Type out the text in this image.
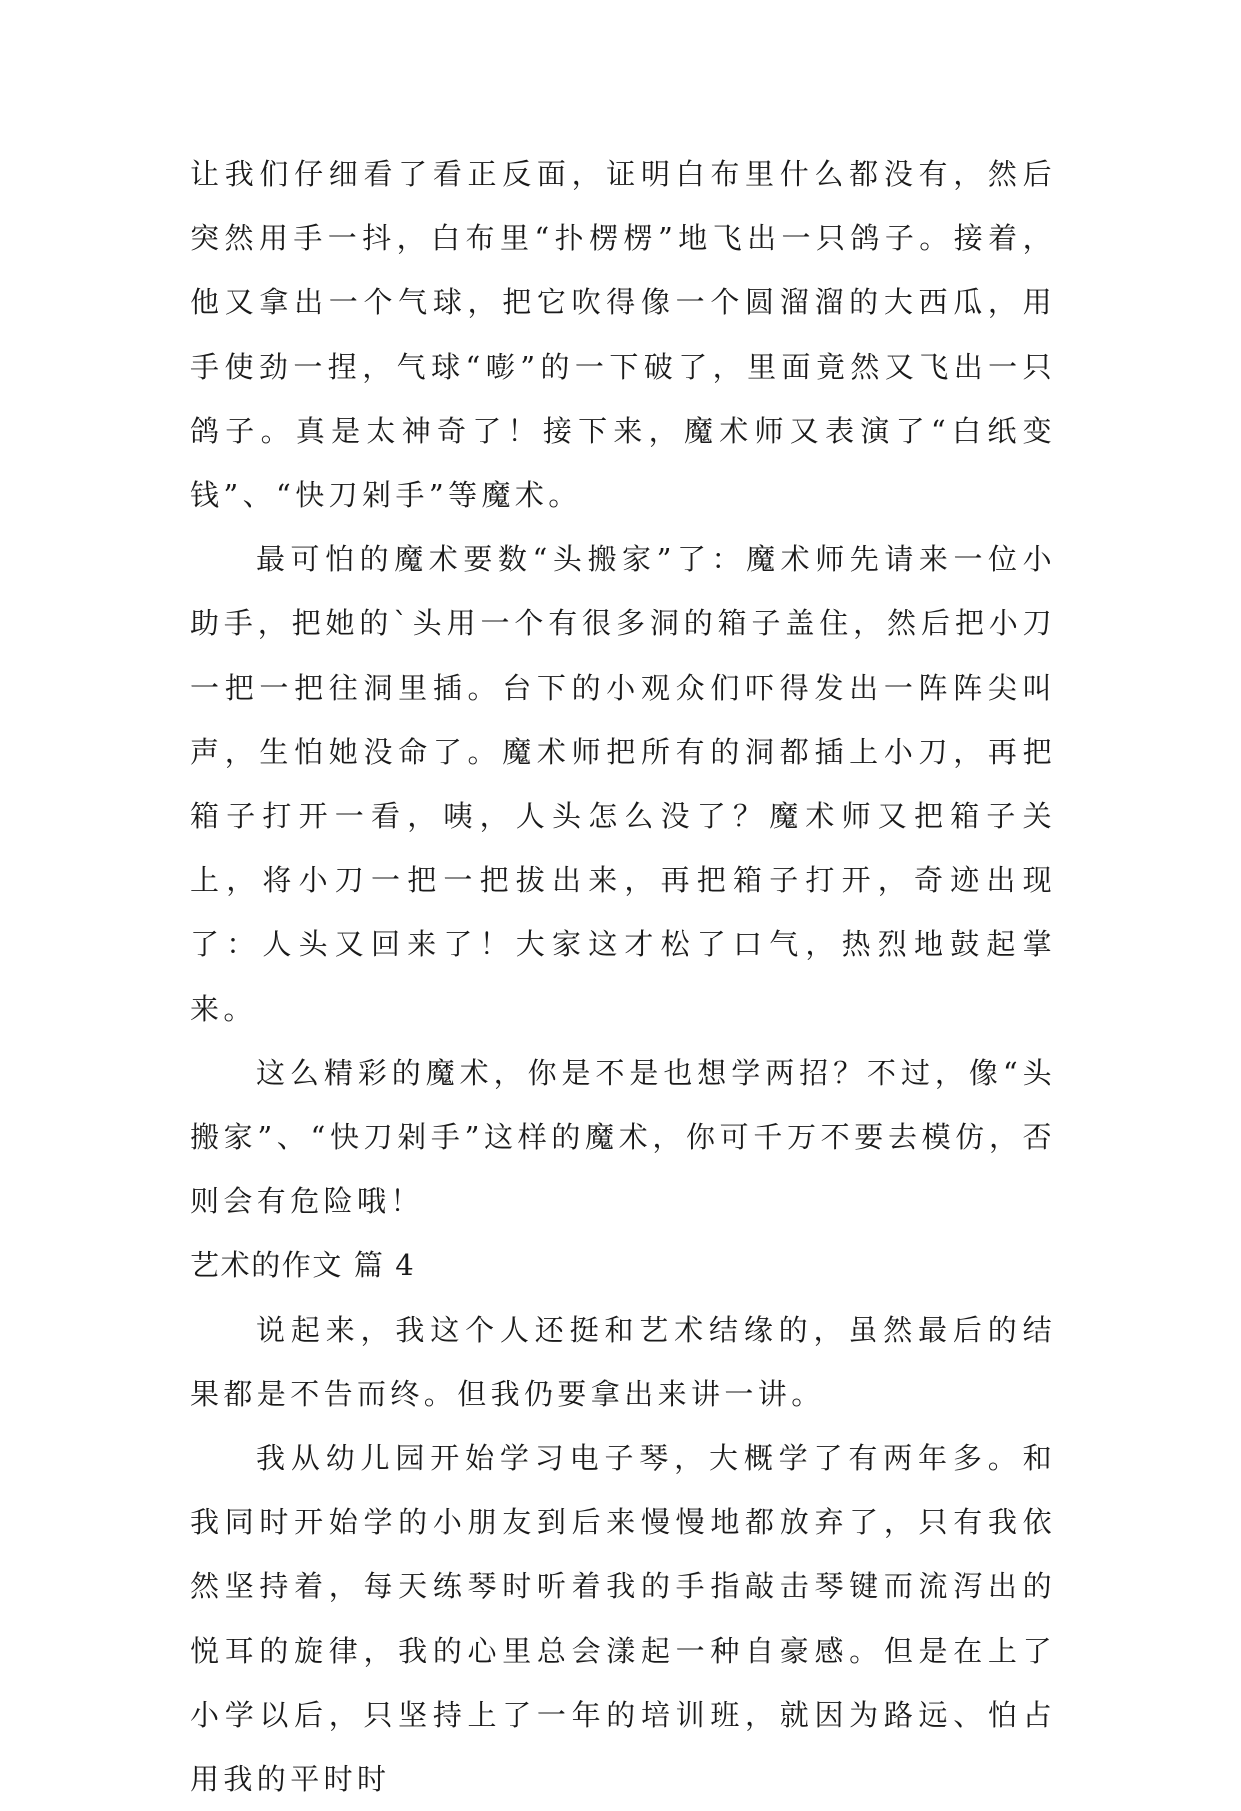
让我们仔细看了看正反面，证明白布里什么都没有，然后突然用手一抖，白布里“扑楞楞”地飞出一只鸽子。接着，他又拿出一个气球，把它吹得像一个圆溜溜的大西瓜，用手使劲一捏，气球“嘭”的一下破了，里面竟然又飞出一只鸽子。真是太神奇了！接下来，魔术师又表演了“白纸变钱”、“快刀剁手”等魔术。

最可怕的魔术要数“头搬家”了：魔术师先请来一位小助手，把她的`头用一个有很多洞的箱子盖住，然后把小刀一把一把往洞里插。台下的小观众们吓得发出一阵阵尖叫声，生怕她没命了。魔术师把所有的洞都插上小刀，再把箱子打开一看，咦，人头怎么没了？魔术师又把箱子关上，将小刀一把一把拔出来，再把箱子打开，奇迹出现了：人头又回来了！大家这才松了口气，热烈地鼓起掌来。

这么精彩的魔术，你是不是也想学两招？不过，像“头搬家”、“快刀剁手”这样的魔术，你可千万不要去模仿，否则会有危险哦！

艺术的作文 篇 4

说起来，我这个人还挺和艺术结缘的，虽然最后的结果都是不告而终。但我仍要拿出来讲一讲。

我从幼儿园开始学习电子琴，大概学了有两年多。和我同时开始学的小朋友到后来慢慢地都放弃了，只有我依然坚持着，每天练琴时听着我的手指敲击琴键而流泻出的悦耳的旋律，我的心里总会漾起一种自豪感。但是在上了小学以后，只坚持上了一年的培训班，就因为路远、怕占用我的平时时
